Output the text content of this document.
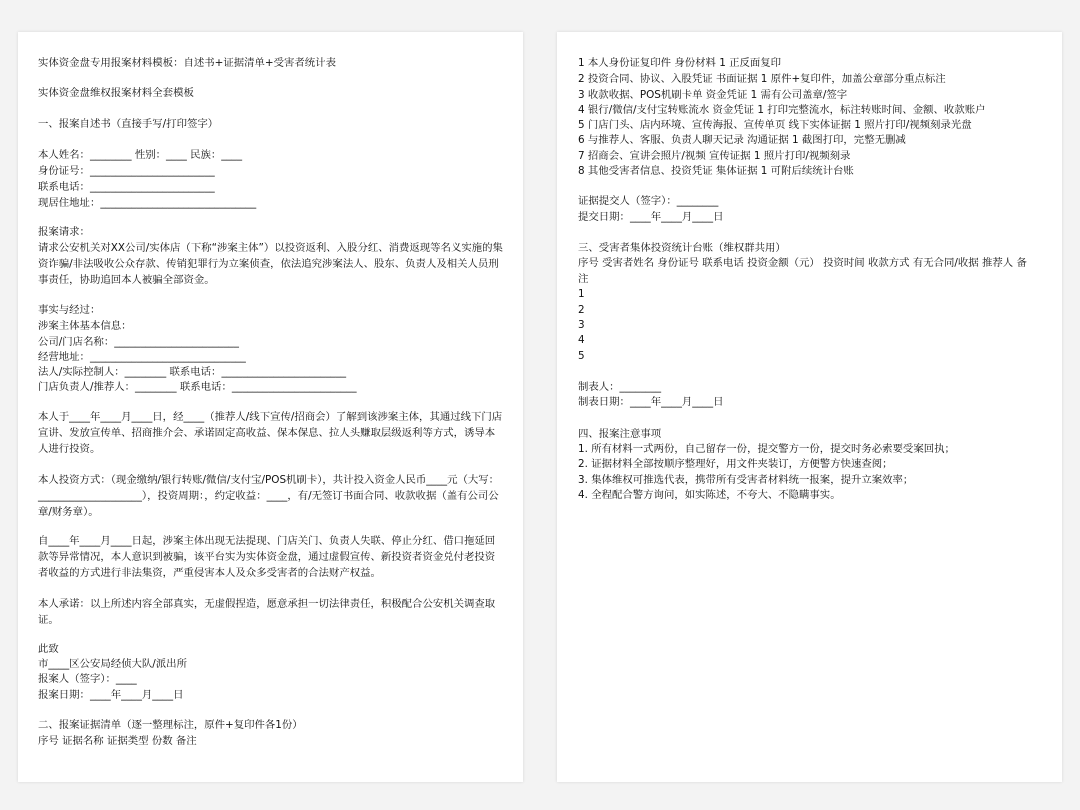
实体资金盘专用报案材料模板：自述书+证据清单+受害者统计表
实体资金盘维权报案材料全套模板
一、报案自述书（直接手写/打印签字）
本人姓名：________ 性别：____ 民族：____
身份证号：________________________
联系电话：________________________
现居住地址：______________________________
报案请求：
请求公安机关对XX公司/实体店（下称“涉案主体”）以投资返利、入股分红、消费返现等名义实施的集资诈骗/非法吸收公众存款、传销犯罪行为立案侦查，依法追究涉案法人、股东、负责人及相关人员刑事责任，协助追回本人被骗全部资金。
事实与经过：
涉案主体基本信息：
公司/门店名称：________________________
经营地址：______________________________
法人/实际控制人：________ 联系电话：________________________
门店负责人/推荐人：________ 联系电话：________________________
本人于____年____月____日，经____（推荐人/线下宣传/招商会）了解到该涉案主体，其通过线下门店宣讲、发放宣传单、招商推介会、承诺固定高收益、保本保息、拉人头赚取层级返利等方式，诱导本人进行投资。
本人投资方式：（现金缴纳/银行转账/微信/支付宝/POS机刷卡），共计投入资金人民币____元（大写：____________________），投资周期：，约定收益：____，有/无签订书面合同、收款收据（盖有公司公章/财务章）。
自____年____月____日起，涉案主体出现无法提现、门店关门、负责人失联、停止分红、借口拖延回款等异常情况，本人意识到被骗，该平台实为实体资金盘，通过虚假宣传、新投资者资金兑付老投资者收益的方式进行非法集资，严重侵害本人及众多受害者的合法财产权益。
本人承诺：以上所述内容全部真实，无虚假捏造，愿意承担一切法律责任，积极配合公安机关调查取证。
此致
市____区公安局经侦大队/派出所
报案人（签字）：____
报案日期：____年____月____日
二、报案证据清单（逐一整理标注，原件+复印件各1份）
序号 证据名称 证据类型 份数 备注
1 本人身份证复印件 身份材料 1 正反面复印
2 投资合同、协议、入股凭证 书面证据 1 原件+复印件，加盖公章部分重点标注
3 收款收据、POS机刷卡单 资金凭证 1 需有公司盖章/签字
4 银行/微信/支付宝转账流水 资金凭证 1 打印完整流水，标注转账时间、金额、收款账户
5 门店门头、店内环境、宣传海报、宣传单页 线下实体证据 1 照片打印/视频刻录光盘
6 与推荐人、客服、负责人聊天记录 沟通证据 1 截图打印，完整无删减
7 招商会、宣讲会照片/视频 宣传证据 1 照片打印/视频刻录
8 其他受害者信息、投资凭证 集体证据 1 可附后续统计台账
证据提交人（签字）：________
提交日期：____年____月____日
三、受害者集体投资统计台账（维权群共用）
序号 受害者姓名 身份证号 联系电话 投资金额（元） 投资时间 收款方式 有无合同/收据 推荐人 备
注
1
2
3
4
5
制表人：________
制表日期：____年____月____日
四、报案注意事项
1. 所有材料一式两份，自己留存一份，提交警方一份，提交时务必索要受案回执；
2. 证据材料全部按顺序整理好，用文件夹装订，方便警方快速查阅；
3. 集体维权可推选代表，携带所有受害者材料统一报案，提升立案效率；
4. 全程配合警方询问，如实陈述，不夸大、不隐瞒事实。
